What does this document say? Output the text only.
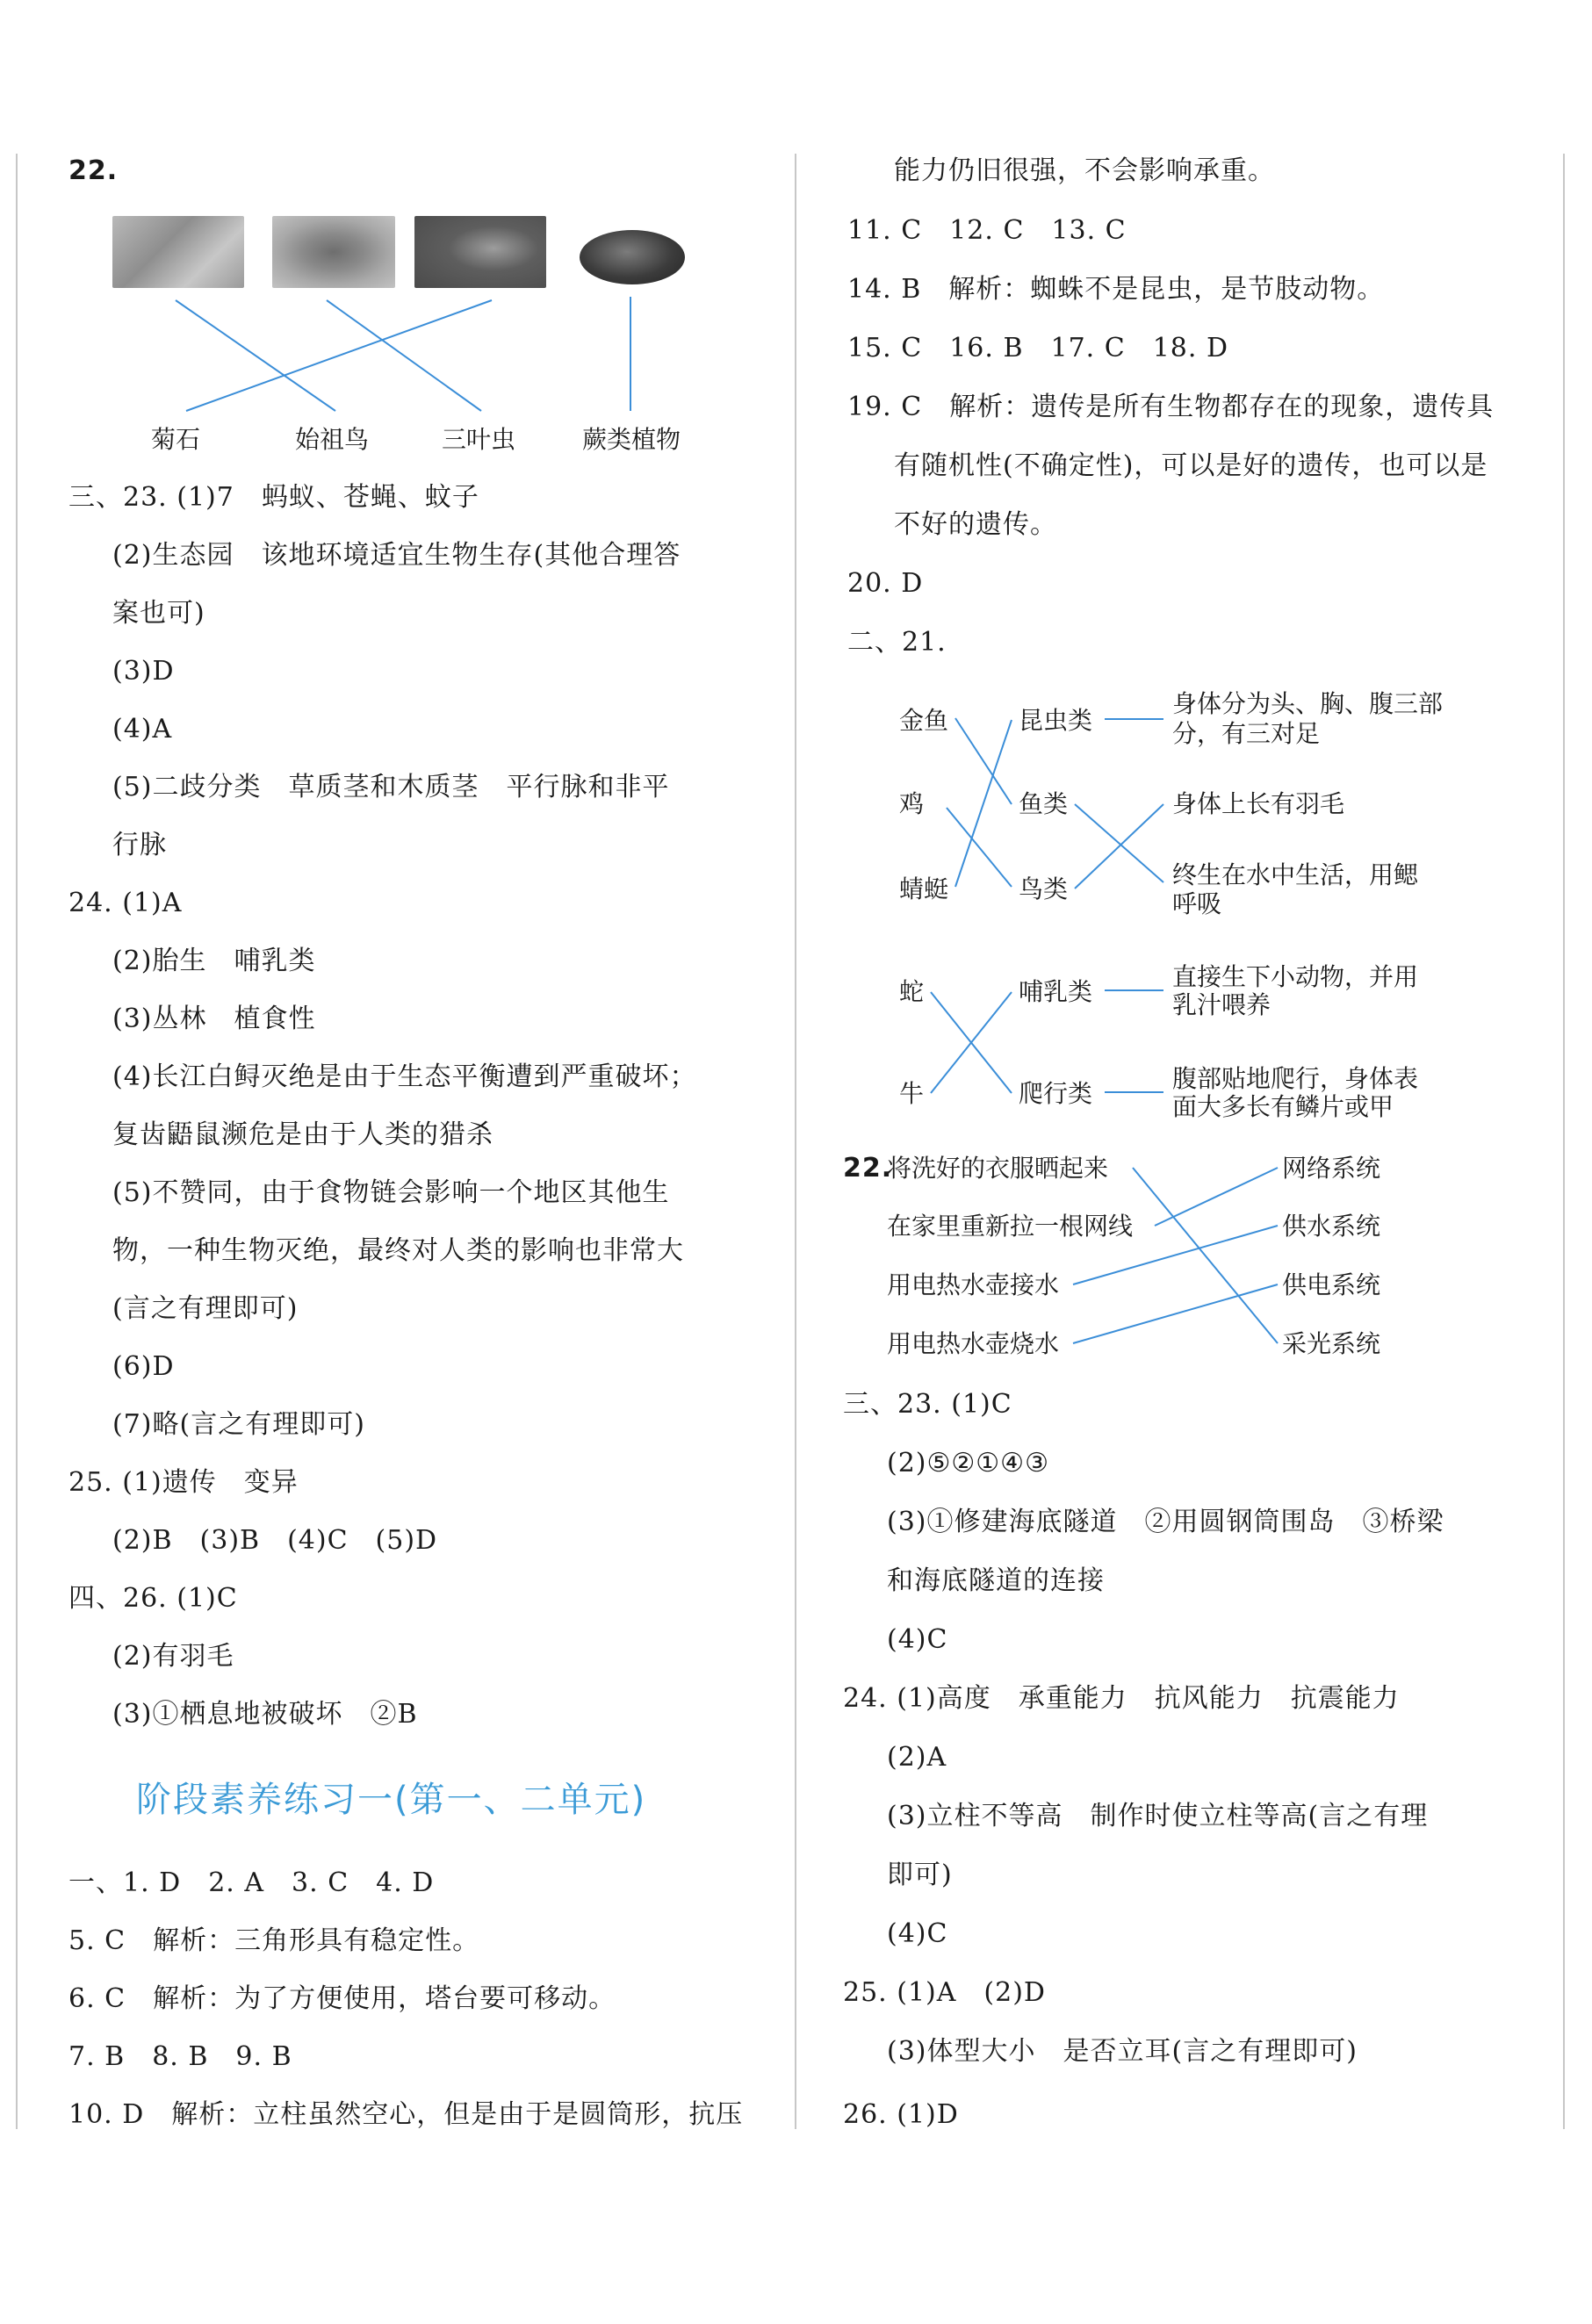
22.
菊石	始祖鸟	三叶虫	蕨类植物
三、23. (1)7　蚂蚁、苍蝇、蚊子
(2)生态园　该地环境适宜生物生存(其他合理答
案也可)
(3)D
(4)A
(5)二歧分类　草质茎和木质茎　平行脉和非平
行脉
24. (1)A
(2)胎生　哺乳类
(3)丛林　植食性
(4)长江白鲟灭绝是由于生态平衡遭到严重破坏；
复齿鼯鼠濒危是由于人类的猎杀
(5)不赞同，由于食物链会影响一个地区其他生
物，一种生物灭绝，最终对人类的影响也非常大
(言之有理即可)
(6)D
(7)略(言之有理即可)
25. (1)遗传　变异
(2)B　(3)B　(4)C　(5)D
四、26. (1)C
(2)有羽毛
(3)①栖息地被破坏　②B
阶段素养练习一(第一、二单元)
一、1. D　2. A　3. C　4. D
5. C　解析：三角形具有稳定性。
6. C　解析：为了方便使用，塔台要可移动。
7. B　8. B　9. B
10. D　解析：立柱虽然空心，但是由于是圆筒形，抗压
能力仍旧很强，不会影响承重。
11. C　12. C　13. C
14. B　解析：蜘蛛不是昆虫，是节肢动物。
15. C　16. B　17. C　18. D
19. C　解析：遗传是所有生物都存在的现象，遗传具
有随机性(不确定性)，可以是好的遗传，也可以是
不好的遗传。
20. D
二、21.
金鱼
鸡
蜻蜓
昆虫类
鱼类
鸟类
身体分为头、胸、腹三部
分，有三对足
身体上长有羽毛
终生在水中生活，用鳃
呼吸
蛇
牛
哺乳类
爬行类
直接生下小动物，并用
乳汁喂养
腹部贴地爬行，身体表
面大多长有鳞片或甲
22.
将洗好的衣服晒起来
在家里重新拉一根网线
用电热水壶接水
用电热水壶烧水
网络系统
供水系统
供电系统
采光系统
三、23. (1)C
(2)⑤②①④③
(3)①修建海底隧道　②用圆钢筒围岛　③桥梁
和海底隧道的连接
(4)C
24. (1)高度　承重能力　抗风能力　抗震能力
(2)A
(3)立柱不等高　制作时使立柱等高(言之有理
即可)
(4)C
25. (1)A　(2)D
(3)体型大小　是否立耳(言之有理即可)
26. (1)D
